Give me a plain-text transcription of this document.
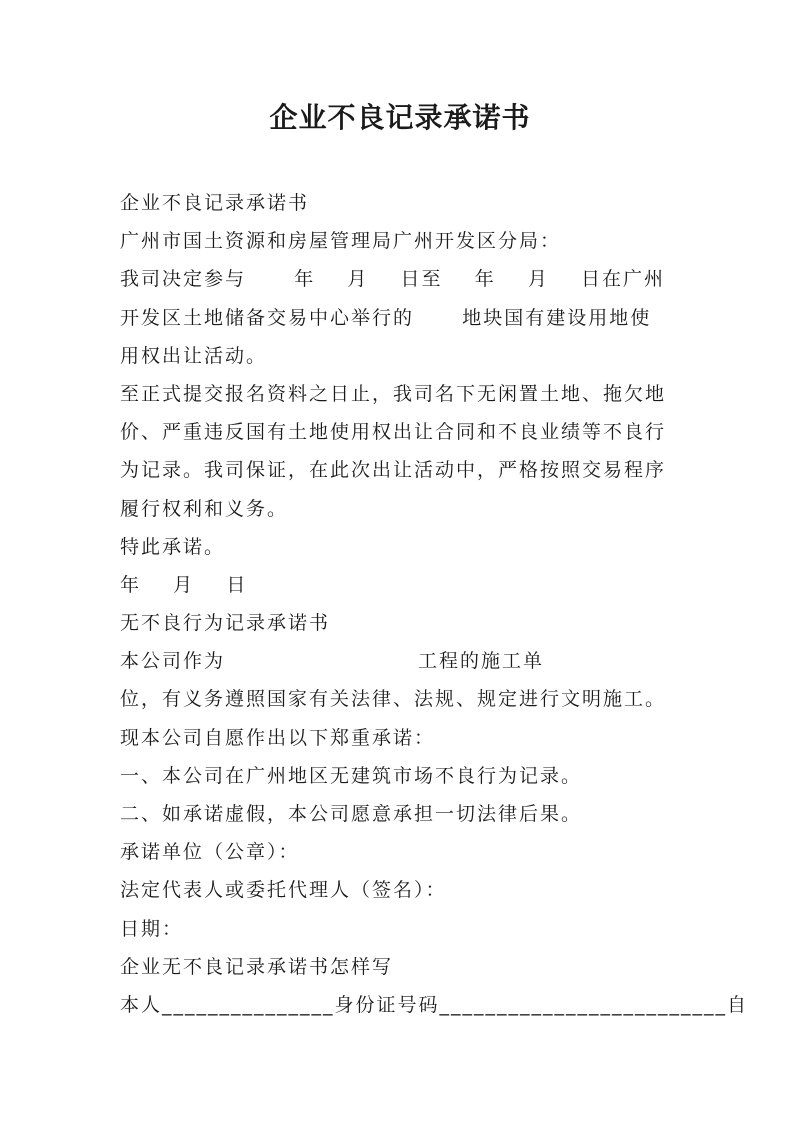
企业不良记录承诺书
企业不良记录承诺书
广州市国土资源和房屋管理局广州开发区分局：
我司决定参与      年    月    日至    年    月    日在广州
开发区土地储备交易中心举行的      地块国有建设用地使
用权出让活动。
至正式提交报名资料之日止，我司名下无闲置土地、拖欠地
价、严重违反国有土地使用权出让合同和不良业绩等不良行
为记录。我司保证，在此次出让活动中，严格按照交易程序
履行权利和义务。
特此承诺。
年    月    日
无不良行为记录承诺书
本公司作为                        工程的施工单
位，有义务遵照国家有关法律、法规、规定进行文明施工。
现本公司自愿作出以下郑重承诺：
一、本公司在广州地区无建筑市场不良行为记录。
二、如承诺虚假，本公司愿意承担一切法律后果。
承诺单位（公章）：
法定代表人或委托代理人（签名）：
日期：
企业无不良记录承诺书怎样写
本人_______________身份证号码_________________________自
